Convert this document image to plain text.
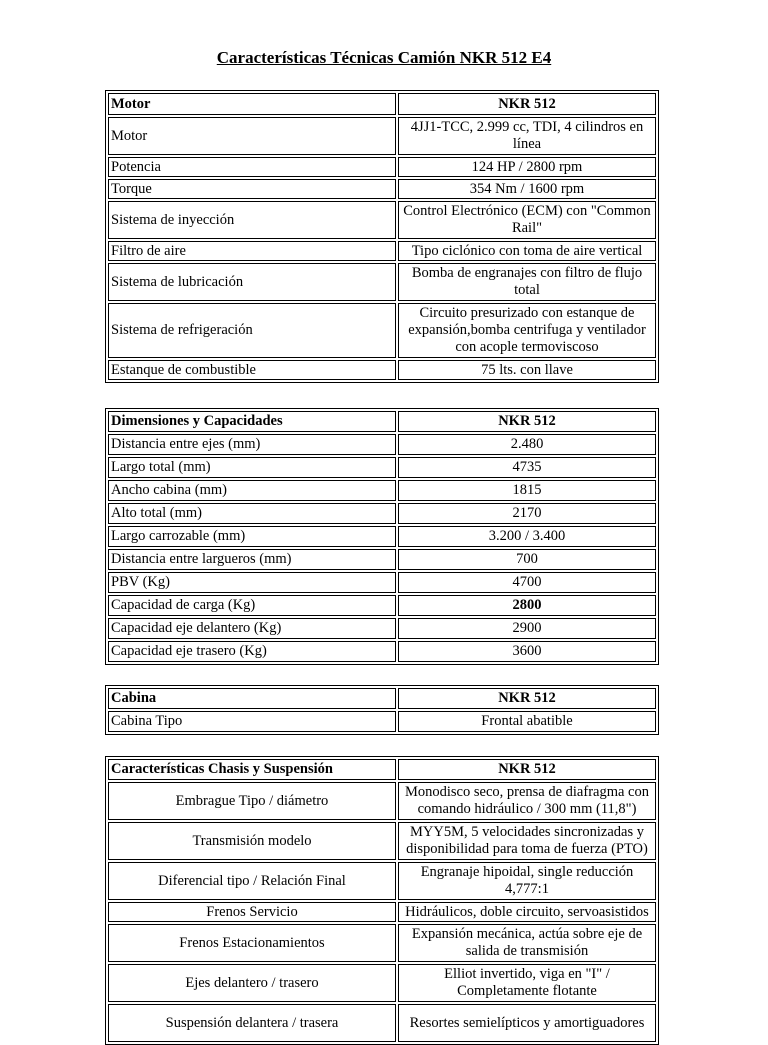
Características Técnicas Camión NKR 512 E4
Motor	NKR 512
Motor	4JJ1-TCC, 2.999 cc, TDI, 4 cilindros en línea
Potencia	124 HP / 2800 rpm
Torque	354 Nm / 1600 rpm
Sistema de inyección	Control Electrónico (ECM) con "Common Rail"
Filtro de aire	Tipo ciclónico con toma de aire vertical
Sistema de lubricación	Bomba de engranajes con filtro de flujo total
Sistema de refrigeración	Circuito presurizado con estanque de expansión,bomba centrifuga y ventilador con acople termoviscoso
Estanque de combustible	75 lts. con llave
Dimensiones y Capacidades	NKR 512
Distancia entre ejes (mm)	2.480
Largo total (mm)	4735
Ancho cabina (mm)	1815
Alto total (mm)	2170
Largo carrozable (mm)	3.200 / 3.400
Distancia entre largueros (mm)	700
PBV (Kg)	4700
Capacidad de carga (Kg)	2800
Capacidad eje delantero (Kg)	2900
Capacidad eje trasero (Kg)	3600
Cabina	NKR 512
Cabina Tipo	Frontal abatible
Características Chasis y Suspensión	NKR 512
Embrague Tipo / diámetro	Monodisco seco, prensa de diafragma con comando hidráulico / 300 mm (11,8")
Transmisión modelo	MYY5M, 5 velocidades sincronizadas y disponibilidad para toma de fuerza (PTO)
Diferencial tipo / Relación Final	Engranaje hipoidal, single reducción 4,777:1
Frenos Servicio	Hidráulicos, doble circuito, servoasistidos
Frenos Estacionamientos	Expansión mecánica, actúa sobre eje de salida de transmisión
Ejes delantero / trasero	Elliot invertido, viga en "I" / Completamente flotante
Suspensión delantera / trasera	Resortes semielípticos y amortiguadores
